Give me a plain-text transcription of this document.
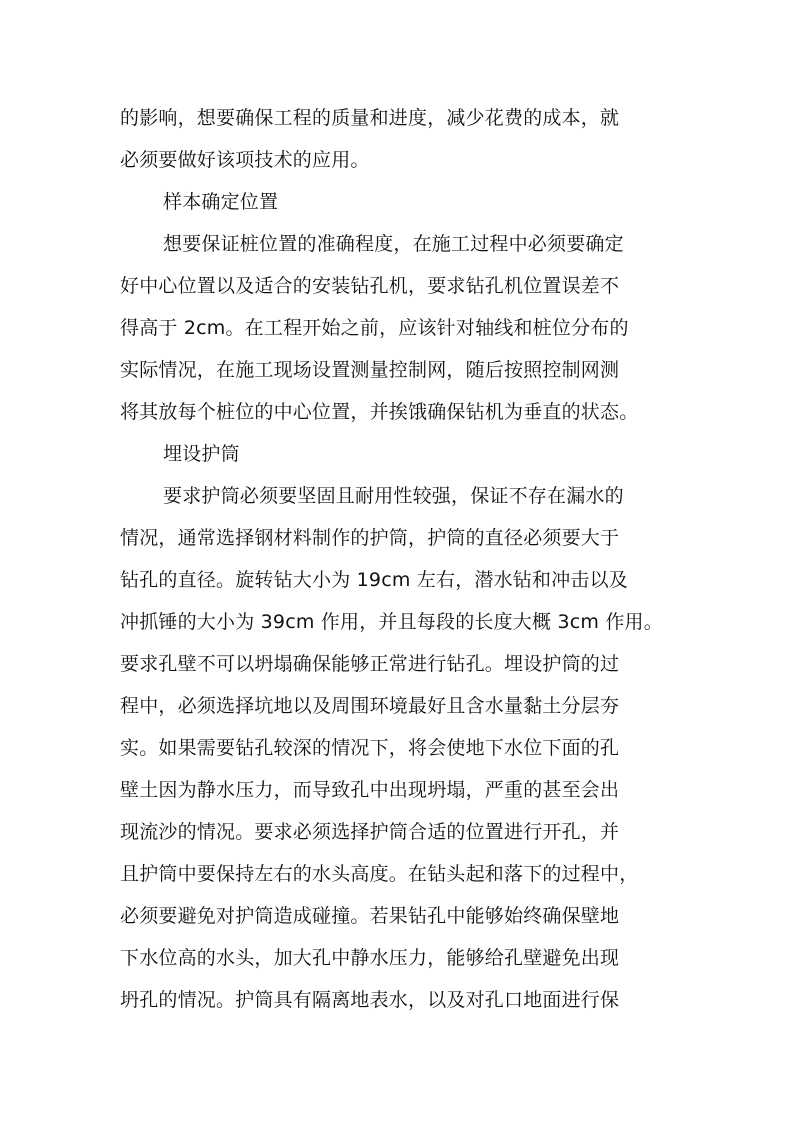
的影响，想要确保工程的质量和进度，减少花费的成本，就
必须要做好该项技术的应用。
样本确定位置
想要保证桩位置的准确程度，在施工过程中必须要确定
好中心位置以及适合的安装钻孔机，要求钻孔机位置误差不
得高于 2cm。在工程开始之前，应该针对轴线和桩位分布的
实际情况，在施工现场设置测量控制网，随后按照控制网测
将其放每个桩位的中心位置，并挨饿确保钻机为垂直的状态。
埋设护筒
要求护筒必须要坚固且耐用性较强，保证不存在漏水的
情况，通常选择钢材料制作的护筒，护筒的直径必须要大于
钻孔的直径。旋转钻大小为 19cm 左右，潜水钻和冲击以及
冲抓锤的大小为 39cm 作用，并且每段的长度大概 3cm 作用。
要求孔壁不可以坍塌确保能够正常进行钻孔。埋设护筒的过
程中，必须选择坑地以及周围环境最好且含水量黏土分层夯
实。如果需要钻孔较深的情况下，将会使地下水位下面的孔
壁土因为静水压力，而导致孔中出现坍塌，严重的甚至会出
现流沙的情况。要求必须选择护筒合适的位置进行开孔，并
且护筒中要保持左右的水头高度。在钻头起和落下的过程中，
必须要避免对护筒造成碰撞。若果钻孔中能够始终确保壁地
下水位高的水头，加大孔中静水压力，能够给孔壁避免出现
坍孔的情况。护筒具有隔离地表水，以及对孔口地面进行保
